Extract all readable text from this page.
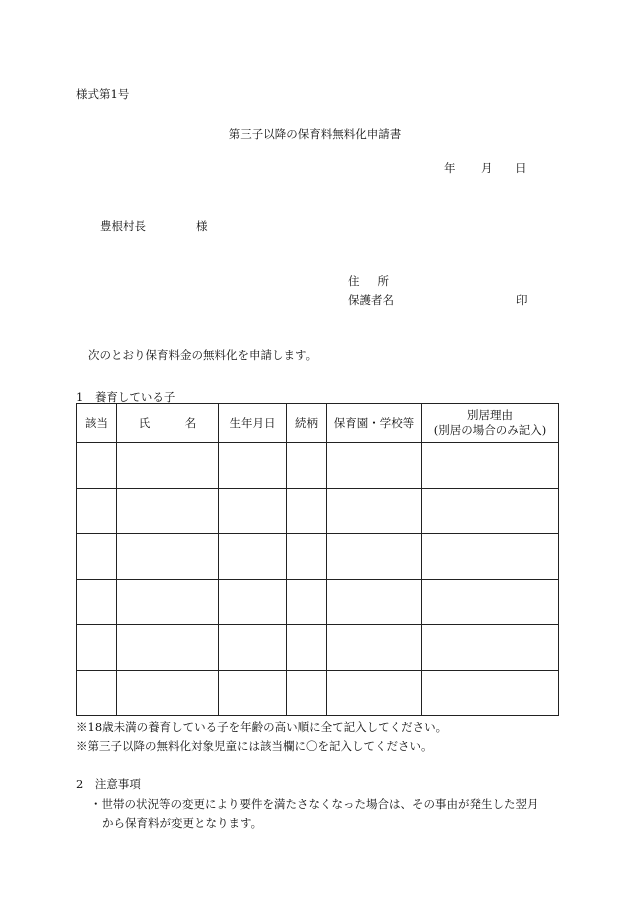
様式第1号
第三子以降の保育料無料化申請書
年 月 日
豊根村長	様
住所
保護者名	印
次のとおり保育料金の無料化を申請します。
1　養育している子
該当	氏　　　名	生年月日	続柄	保育園・学校等	別居理由
(別居の場合のみ記入)

※18歳未満の養育している子を年齢の高い順に全て記入してください。
※第三子以降の無料化対象児童には該当欄に〇を記入してください。
2　注意事項
・世帯の状況等の変更により要件を満たさなくなった場合は、その事由が発生した翌月
から保育料が変更となります。
